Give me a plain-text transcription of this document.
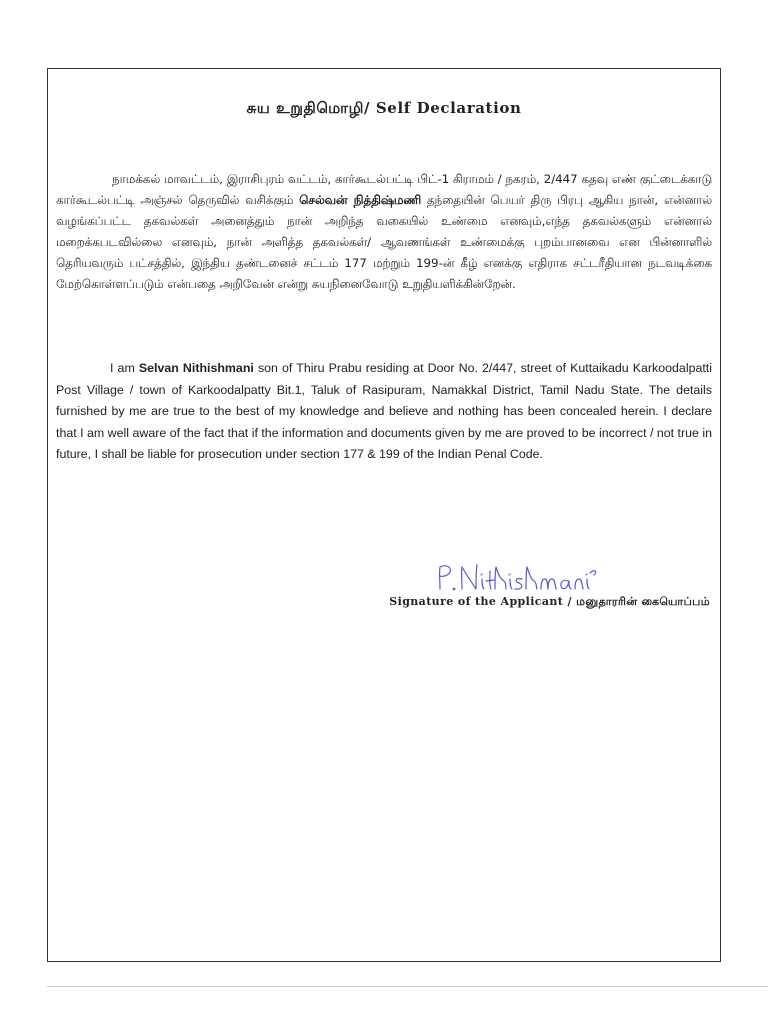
சுய உறுதிமொழி/ Self Declaration
நாமக்கல் மாவட்டம், இராசிபுரம் வட்டம், கார்கூடல்பட்டி பிட்-1 கிராமம் / நகரம், 2/447 கதவு எண் குட்டைக்காடு கார்கூடல்பட்டி அஞ்சல் தெருவில் வசிக்கும் செல்வன் நித்திஷ்மணி தந்தையின் பெயர் திரு பிரபு ஆகிய நான், என்னால் வழங்கப்பட்ட தகவல்கள் அனைத்தும் நான் அறிந்த வகையில் உண்மை எனவும்,எந்த தகவல்களும் என்னால் மறைக்கபடவில்லை எனவும், நான் அளித்த தகவல்கள்/ ஆவணங்கள் உண்மைக்கு புறம்பானவை என பின்னாளில் தெரியவரும் பட்சத்தில், இந்திய தண்டனைச் சட்டம் 177 மற்றும் 199-ன் கீழ் எனக்கு எதிராக சட்டரீதியான நடவடிக்கை மேற்கொள்ளப்படும் என்பதை அறிவேன் என்று சுயநினைவோடு உறுதியளிக்கின்றேன்.
I am Selvan Nithishmani son of Thiru Prabu residing at Door No. 2/447, street of Kuttaikadu Karkoodalpatti Post Village / town of Karkoodalpatty Bit.1, Taluk of Rasipuram, Namakkal District, Tamil Nadu State. The details furnished by me are true to the best of my knowledge and believe and nothing has been concealed herein. I declare that I am well aware of the fact that if the information and documents given by me are proved to be incorrect / not true in future, I shall be liable for prosecution under section 177 & 199 of the Indian Penal Code.
Signature of the Applicant / மனுதாரரின் கையொப்பம்
